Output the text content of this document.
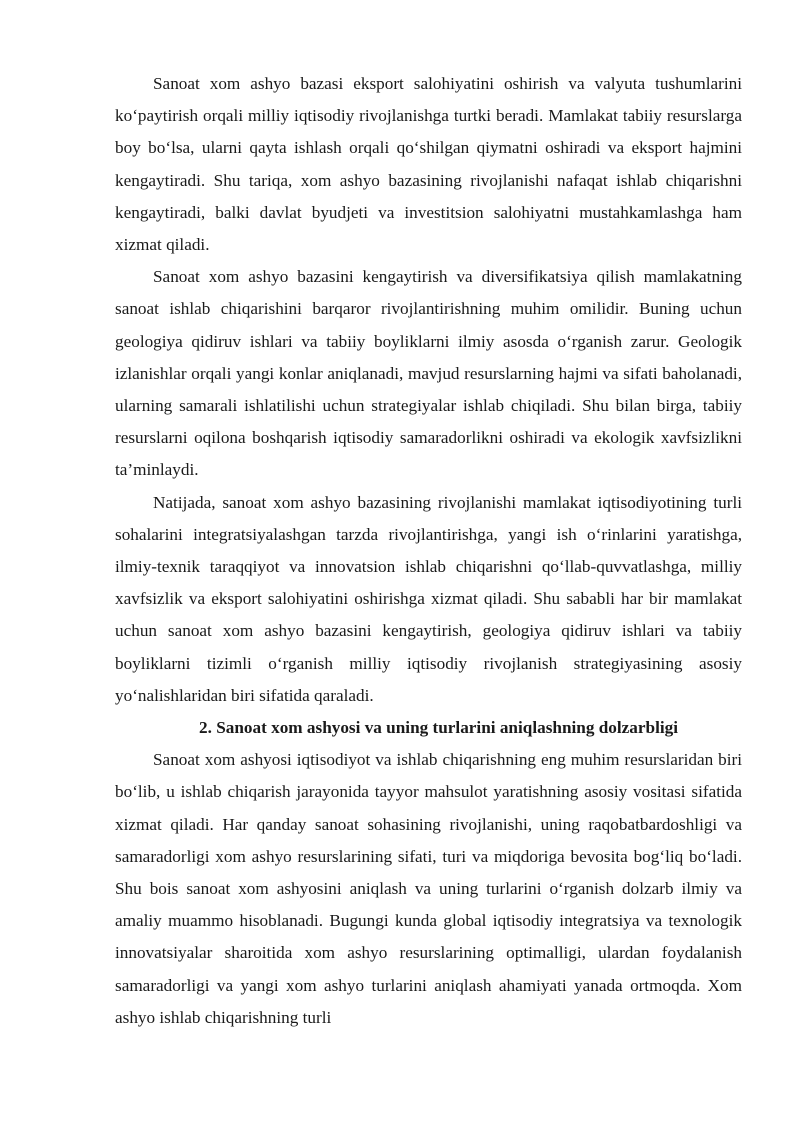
Sanoat xom ashyo bazasi eksport salohiyatini oshirish va valyuta tushumlarini ko‘paytirish orqali milliy iqtisodiy rivojlanishga turtki beradi. Mamlakat tabiiy resurslarga boy bo‘lsa, ularni qayta ishlash orqali qo‘shilgan qiymatni oshiradi va eksport hajmini kengaytiradi. Shu tariqa, xom ashyo bazasining rivojlanishi nafaqat ishlab chiqarishni kengaytiradi, balki davlat byudjeti va investitsion salohiyatni mustahkamlashga ham xizmat qiladi.

Sanoat xom ashyo bazasini kengaytirish va diversifikatsiya qilish mamlakatning sanoat ishlab chiqarishini barqaror rivojlantirishning muhim omilidir. Buning uchun geologiya qidiruv ishlari va tabiiy boyliklarni ilmiy asosda o‘rganish zarur. Geologik izlanishlar orqali yangi konlar aniqlanadi, mavjud resurslarning hajmi va sifati baholanadi, ularning samarali ishlatilishi uchun strategiyalar ishlab chiqiladi. Shu bilan birga, tabiiy resurslarni oqilona boshqarish iqtisodiy samaradorlikni oshiradi va ekologik xavfsizlikni ta’minlaydi.

Natijada, sanoat xom ashyo bazasining rivojlanishi mamlakat iqtisodiyotining turli sohalarini integratsiyalashgan tarzda rivojlantirishga, yangi ish o‘rinlarini yaratishga, ilmiy-texnik taraqqiyot va innovatsion ishlab chiqarishni qo‘llab-quvvatlashga, milliy xavfsizlik va eksport salohiyatini oshirishga xizmat qiladi. Shu sababli har bir mamlakat uchun sanoat xom ashyo bazasini kengaytirish, geologiya qidiruv ishlari va tabiiy boyliklarni tizimli o‘rganish milliy iqtisodiy rivojlanish strategiyasining asosiy yo‘nalishlaridan biri sifatida qaraladi.

2. Sanoat xom ashyosi va uning turlarini aniqlashning dolzarbligi

Sanoat xom ashyosi iqtisodiyot va ishlab chiqarishning eng muhim resurslaridan biri bo‘lib, u ishlab chiqarish jarayonida tayyor mahsulot yaratishning asosiy vositasi sifatida xizmat qiladi. Har qanday sanoat sohasining rivojlanishi, uning raqobatbardoshligi va samaradorligi xom ashyo resurslarining sifati, turi va miqdoriga bevosita bog‘liq bo‘ladi. Shu bois sanoat xom ashyosini aniqlash va uning turlarini o‘rganish dolzarb ilmiy va amaliy muammo hisoblanadi. Bugungi kunda global iqtisodiy integratsiya va texnologik innovatsiyalar sharoitida xom ashyo resurslarining optimalligi, ulardan foydalanish samaradorligi va yangi xom ashyo turlarini aniqlash ahamiyati yanada ortmoqda. Xom ashyo ishlab chiqarishning turli
